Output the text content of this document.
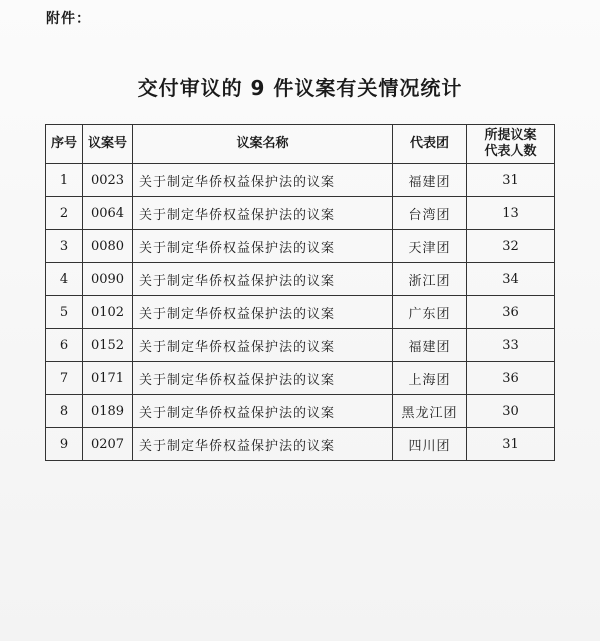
附件：
交付审议的 9 件议案有关情况统计
序号	议案号	议案名称	代表团	所提议案
代表人数

1	0023	关于制定华侨权益保护法的议案	福建团	31
2	0064	关于制定华侨权益保护法的议案	台湾团	13
3	0080	关于制定华侨权益保护法的议案	天津团	32
4	0090	关于制定华侨权益保护法的议案	浙江团	34
5	0102	关于制定华侨权益保护法的议案	广东团	36
6	0152	关于制定华侨权益保护法的议案	福建团	33
7	0171	关于制定华侨权益保护法的议案	上海团	36
8	0189	关于制定华侨权益保护法的议案	黑龙江团	30
9	0207	关于制定华侨权益保护法的议案	四川团	31
